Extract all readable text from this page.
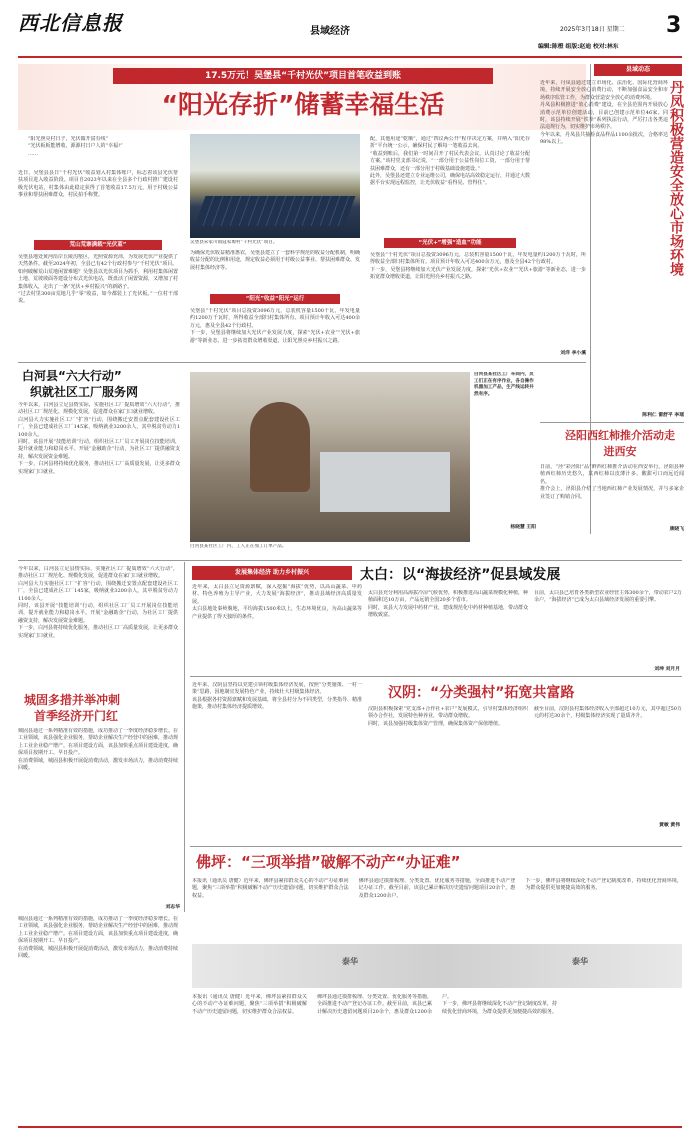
西北信息报	县域经济	2025年3月18日 星期二
编辑:陈橙 组版:赵迪 校对:林东
3
17.5万元！吴堡县“千村光伏”项目首笔收益到账
“阳光存折”储蓄幸福生活
“阳光照亮村日子，光伏做开富有线”
“光伏板板能增收，源源村日户人的“幸福!”
……
近日，吴堡县县日“千村光伏”收益划入村集体账户，标志着该县光伏帮扶项目进入收益阶段。项目自2023年以来在全县多个行政村推广建设村级光伏电站，村集体由此稳定获得了首笔收益17.5万元，用于村级公益事业和帮扶困难群众，村民拍手称赞。
荒山荒寨满载“光伏蓝”
吴堡县地处黄河沿岸丘陵沟壑区，光照资源充沛，为发展光伏产业提供了天然条件。截至2024年初，全县已有42个行政村参与“千村光伏”项目。
如何破解荒山荒地闲置难题？吴堡县以光伏项目为抓手，利用村集体闲置土地、荒坡坡面等建设分布式光伏电站，既盘活了闲置资源，又增加了村集体收入，走出了一条“光伏+乡村振兴”的新路子。
“过去村里300亩荒地几乎“零”收益，如今都装上了光伏板。”一位村干部说。
吴堡县宋家川镇寇家塬村“千村光伏”项目。
为确保光伏收益精准惠农，吴堡县建立了一套科学规范的收益分配机制，明确收益分配的比例和用途，规定收益必须用于村级公益事业、帮扶困难群众、发展村集体经济等。
“阳光”收益“阳光”运行
吴堡县“千村光伏”项目总投资3096万元，总装机容量1500千瓦，年发电量约1200万千瓦时，所得收益全部归村集体所有。项目预计年收入可达400余万元，惠及全县42个行政村。
下一步，吴堡县将继续加大光伏产业发展力度，探索“光伏+农业”“光伏+旅游”等新业态，进一步拓宽群众增收渠道，让阳光照亮乡村振兴之路。
配，其他用途“乾顺”，通过“四议两公开”程序决定方案，并纳入“阳光存折”平台统一公示，确保村民了解每一笔收益去向。
“收益到账后，我们第一时间召开了村民代表会议，认真讨论了收益分配方案。”该村党支部书记说，“一部分用于公益性岗位工资，一部分用于帮扶困难群众，还有一部分用于村级基础设施建设。”
此外，吴堡县还建立专业运维公司，确保电站高效稳定运行，并通过大数据平台实现远程监控，让光伏收益“看得见、管得住”。
“光伏+”增强“造血”功能
吴堡县“千村光伏”项目总投资3096万元，总装机容量1500千瓦，年发电量约1200万千瓦时，所得收益全部归村集体所有。项目预计年收入可达400余万元，惠及全县42个行政村。
下一步，吴堡县将继续加大光伏产业发展力度，探索“光伏+农业”“光伏+旅游”等新业态，进一步拓宽群众增收渠道，让阳光照亮乡村振兴之路。
刘洋 李小溪
县域动态
近年来，丹凤县通过建立市场化、法治化、国际化营商环境，持续开展安全放心消费行动，不断加强食品安全和市场秩序监管工作，为群众营造安全放心的消费环境。
丹凤县积极推进“放心消费”建设，在全县范围内开展放心消费示范单位创建活动，目前已创建示范单位46家。同时，该县持续开展“铁拳”系列执法行动，严厉打击各类违法违规行为，切实维护市场秩序。
今年以来，丹凤县共抽检食品样品1100余批次，合格率达98%以上。	丹凤积极营造安全放心市场环境
陈利仁 雷舒平 李瑶
泾阳西红柿推介活动走进西安
日前，“泾”彩泾阳“品”鲜西红柿推介活动在西安举行。泾阳县种植西红柿历史悠久，其西红柿以皮薄汁多、酸甜可口而远近闻名。
推介会上，泾阳县介绍了当地西红柿产业发展情况，并与多家企业签订了购销合同。
康晓飞
白河县“六大行动”
织就社区工厂服务网
今年以来，白河县立足县情实际，实施社区工厂提质增效“六大行动”，推动社区工厂规范化、规模化发展，促进群众在家门口就业增收。
白河县大力实施社区工厂“扩容”行动，围绕搬迁安置点配套建设社区工厂，全县已建成社区工厂145家，吸纳就业3200余人，其中脱贫劳动力1100余人。
同时，该县开展“技能培训”行动，组织社区工厂员工开展岗位技能培训，提升就业能力和稳岗水平。开展“金融助企”行动，为社区工厂提供融资支持，解决发展资金难题。
下一步，白河县将持续优化服务，推动社区工厂高质量发展，让更多群众实现家门口就业。
白河县某社区工厂车间内，员工们正在有序作业，各自操作机器加工产品，生产线运转井然有序。
杨晓慧 王阳
白河县某社区工厂内，工人正在加工订单产品。
城固多措并举冲刺
首季经济开门红
今年以来，白河县立足县情实际，实施社区工厂提质增效“六大行动”，推动社区工厂规范化、规模化发展，促进群众在家门口就业增收。
白河县大力实施社区工厂“扩容”行动，围绕搬迁安置点配套建设社区工厂，全县已建成社区工厂145家，吸纳就业3200余人，其中脱贫劳动力1100余人。
同时，该县开展“技能培训”行动，组织社区工厂员工开展岗位技能培训，提升就业能力和稳岗水平。开展“金融助企”行动，为社区工厂提供融资支持，解决发展资金难题。
下一步，白河县将持续优化服务，推动社区工厂高质量发展，让更多群众实现家门口就业。
城固县通过一系列精准有效的措施，成功推动了一季度经济稳步增长。在工业领域，该县强化企业服务，帮助企业解决生产经营中的困难，推动规上工业企业稳产增产。在项目建设方面，该县加快重点项目建设进度，确保项目按期开工、早日投产。
在消费领域，城固县积极开展促消费活动，激发市场活力，推动消费持续回暖。
刘志华
发展集体经济 助力乡村振兴	太白：以“海拔经济”促县域发展
近年来，太白县立足资源禀赋，深入挖掘“海拔”优势，以高山蔬菜、中药材、特色养殖为主导产业，大力发展“海拔经济”，推动县域经济高质量发展。
太白县地处秦岭腹地，平均海拔1500米以上，生态环境优良，为高山蔬菜等产业提供了得天独厚的条件。
太白县充分利用高海拔冷凉气候优势，积极推进高山蔬菜规模化种植，种植面积达10万亩，产品远销全国20多个省市。
同时，该县大力发展中药材产业，建成规范化中药材种植基地，带动群众增收致富。
目前，太白县已培育各类新型农业经营主体300余个，带动农户2万余户，“海拔经济”已成为太白县域经济发展的重要引擎。
刘坤 刘月月
近年来，汉阴县坚持以党建引领村级集体经济发展，按照“分类施策、一村一策”思路，因地制宜发展特色产业，持续壮大村级集体经济。
该县根据各村资源禀赋和发展基础，将全县村分为不同类型，分类指导、精准施策，推动村集体经济提质增效。
汉阴：“分类强村”拓宽共富路
汉阴县积极探索“党支部+合作社+农户”发展模式，引导村集体经济组织领办合作社，发展特色种养业，带动群众增收。
同时，该县加强村级集体资产管理，确保集体资产保值增值。
截至目前，汉阴县村集体经济收入全部超过10万元，其中超过50万元的村达30余个，村级集体经济实现了量质齐升。
黄敏 黄伟
佛坪：“三项举措”破解不动产“办证难”
本报讯（通讯员 唐健）近年来，佛坪县紧扣群众关心的不动产办证难问题，聚焦“三项举措”积极破解不动产历史遗留问题，切实维护群众合法权益。
佛坪县通过摸排梳理、分类处置、优化服务等措施，全面推进不动产登记办证工作。截至目前，该县已累计解决历史遗留问题项目20余个，惠及群众1200余户。
下一步，佛坪县将继续深化不动产登记制度改革，持续优化营商环境，为群众提供更加便捷高效的服务。
泰华	泰华
本报讯（通讯员 唐健）近年来，佛坪县紧扣群众关心的不动产办证难问题，聚焦“三项举措”积极破解不动产历史遗留问题，切实维护群众合法权益。
佛坪县通过摸排梳理、分类处置、优化服务等措施，全面推进不动产登记办证工作。截至目前，该县已累计解决历史遗留问题项目20余个，惠及群众1200余户。
下一步，佛坪县将继续深化不动产登记制度改革，持续优化营商环境，为群众提供更加便捷高效的服务。
城固县通过一系列精准有效的措施，成功推动了一季度经济稳步增长。在工业领域，该县强化企业服务，帮助企业解决生产经营中的困难，推动规上工业企业稳产增产。在项目建设方面，该县加快重点项目建设进度，确保项目按期开工、早日投产。
在消费领域，城固县积极开展促消费活动，激发市场活力，推动消费持续回暖。
